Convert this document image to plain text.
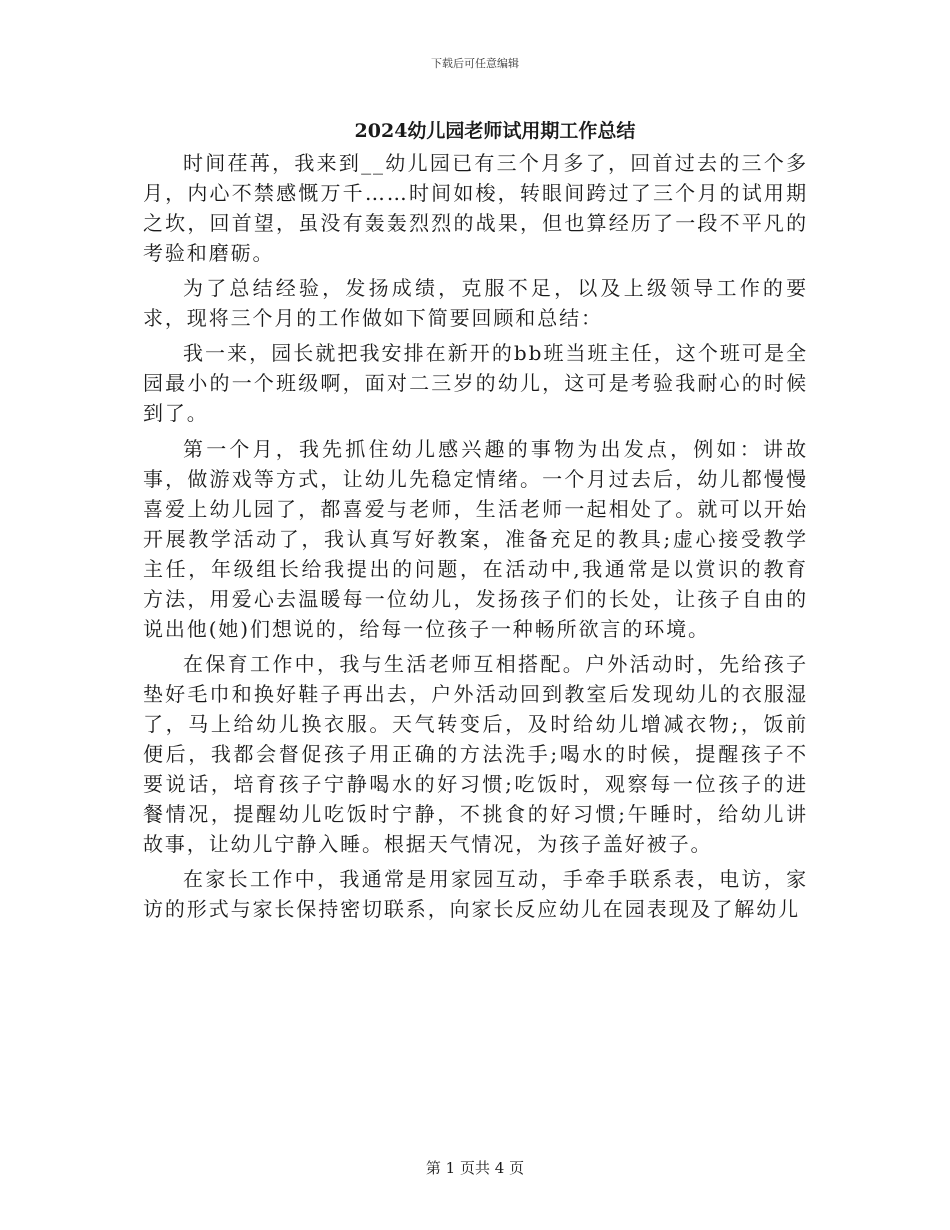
下载后可任意编辑
2024幼儿园老师试用期工作总结

时间荏苒，我来到__幼儿园已有三个月多了，回首过去的三个多月，内心不禁感慨万千……时间如梭，转眼间跨过了三个月的试用期之坎，回首望，虽没有轰轰烈烈的战果，但也算经历了一段不平凡的考验和磨砺。

为了总结经验，发扬成绩，克服不足，以及上级领导工作的要求，现将三个月的工作做如下简要回顾和总结：

我一来，园长就把我安排在新开的bb班当班主任，这个班可是全园最小的一个班级啊，面对二三岁的幼儿，这可是考验我耐心的时候到了。

第一个月，我先抓住幼儿感兴趣的事物为出发点，例如：讲故事，做游戏等方式，让幼儿先稳定情绪。一个月过去后，幼儿都慢慢喜爱上幼儿园了，都喜爱与老师，生活老师一起相处了。就可以开始开展教学活动了，我认真写好教案，准备充足的教具;虚心接受教学主任，年级组长给我提出的问题，在活动中,我通常是以赏识的教育方法，用爱心去温暖每一位幼儿，发扬孩子们的长处，让孩子自由的说出他(她)们想说的，给每一位孩子一种畅所欲言的环境。

在保育工作中，我与生活老师互相搭配。户外活动时，先给孩子垫好毛巾和换好鞋子再出去，户外活动回到教室后发现幼儿的衣服湿了，马上给幼儿换衣服。天气转变后，及时给幼儿增减衣物;，饭前便后，我都会督促孩子用正确的方法洗手;喝水的时候，提醒孩子不要说话，培育孩子宁静喝水的好习惯;吃饭时，观察每一位孩子的进餐情况，提醒幼儿吃饭时宁静，不挑食的好习惯;午睡时，给幼儿讲故事，让幼儿宁静入睡。根据天气情况，为孩子盖好被子。

在家长工作中，我通常是用家园互动，手牵手联系表，电访，家访的形式与家长保持密切联系，向家长反应幼儿在园表现及了解幼儿

第 1 页共 4 页
